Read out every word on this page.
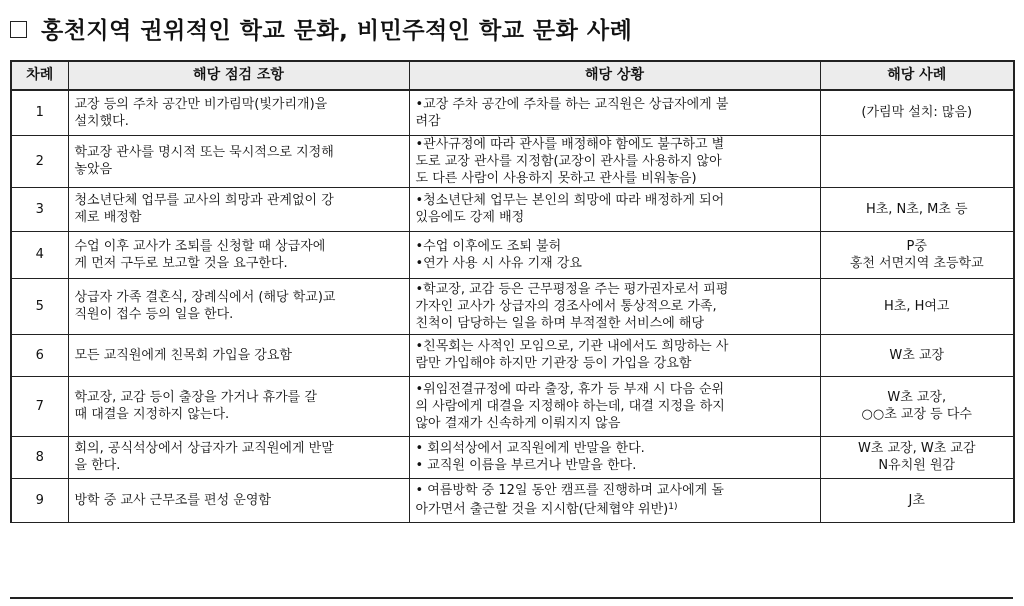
홍천지역 권위적인 학교 문화, 비민주적인 학교 문화 사례
차례	해당 점검 조항	해당 상황	해당 사례
1	교장 등의 주차 공간만 비가림막(빛가리개)을
설치했다.	•교장 주차 공간에 주차를 하는 교직원은 상급자에게 불
려감	(가림막 설치: 많음)

2	학교장 관사를 명시적 또는 묵시적으로 지정해
놓았음	•관사규정에 따라 관사를 배정해야 함에도 불구하고 별
도로 교장 관사를 지정함(교장이 관사를 사용하지 않아
도 다른 사람이 사용하지 못하고 관사를 비워놓음)	

3	청소년단체 업무를 교사의 희망과 관계없이 강
제로 배정함	•청소년단체 업무는 본인의 희망에 따라 배정하게 되어
있음에도 강제 배정	H초, N초, M초 등

4	수업 이후 교사가 조퇴를 신청할 때 상급자에
게 먼저 구두로 보고할 것을 요구한다.	•수업 이후에도 조퇴 불허
•연가 사용 시 사유 기재 강요	P중
홍천 서면지역 초등학교

5	상급자 가족 결혼식, 장례식에서 (해당 학교)교
직원이 접수 등의 일을 한다.	•학교장, 교감 등은 근무평정을 주는 평가권자로서 피평
가자인 교사가 상급자의 경조사에서 통상적으로 가족,
친척이 담당하는 일을 하며 부적절한 서비스에 해당	H초, H여고

6	모든 교직원에게 친목회 가입을 강요함	•친목회는 사적인 모임으로, 기관 내에서도 희망하는 사
람만 가입해야 하지만 기관장 등이 가입을 강요함	W초 교장

7	학교장, 교감 등이 출장을 가거나 휴가를 갈
때 대결을 지정하지 않는다.	•위임전결규정에 따라 출장, 휴가 등 부재 시 다음 순위
의 사람에게 대결을 지정해야 하는데, 대결 지정을 하지
않아 결재가 신속하게 이뤄지지 않음	W초 교장,
○○초 교장 등 다수

8	회의, 공식석상에서 상급자가 교직원에게 반말
을 한다.	• 회의석상에서 교직원에게 반말을 한다.
• 교직원 이름을 부르거나 반말을 한다.	W초 교장, W초 교감
N유치원 원감

9	방학 중 교사 근무조를 편성 운영함	• 여름방학 중 12일 동안 캠프를 진행하며 교사에게 돌
아가면서 출근할 것을 지시함(단체협약 위반)$^{1)}$	J초
